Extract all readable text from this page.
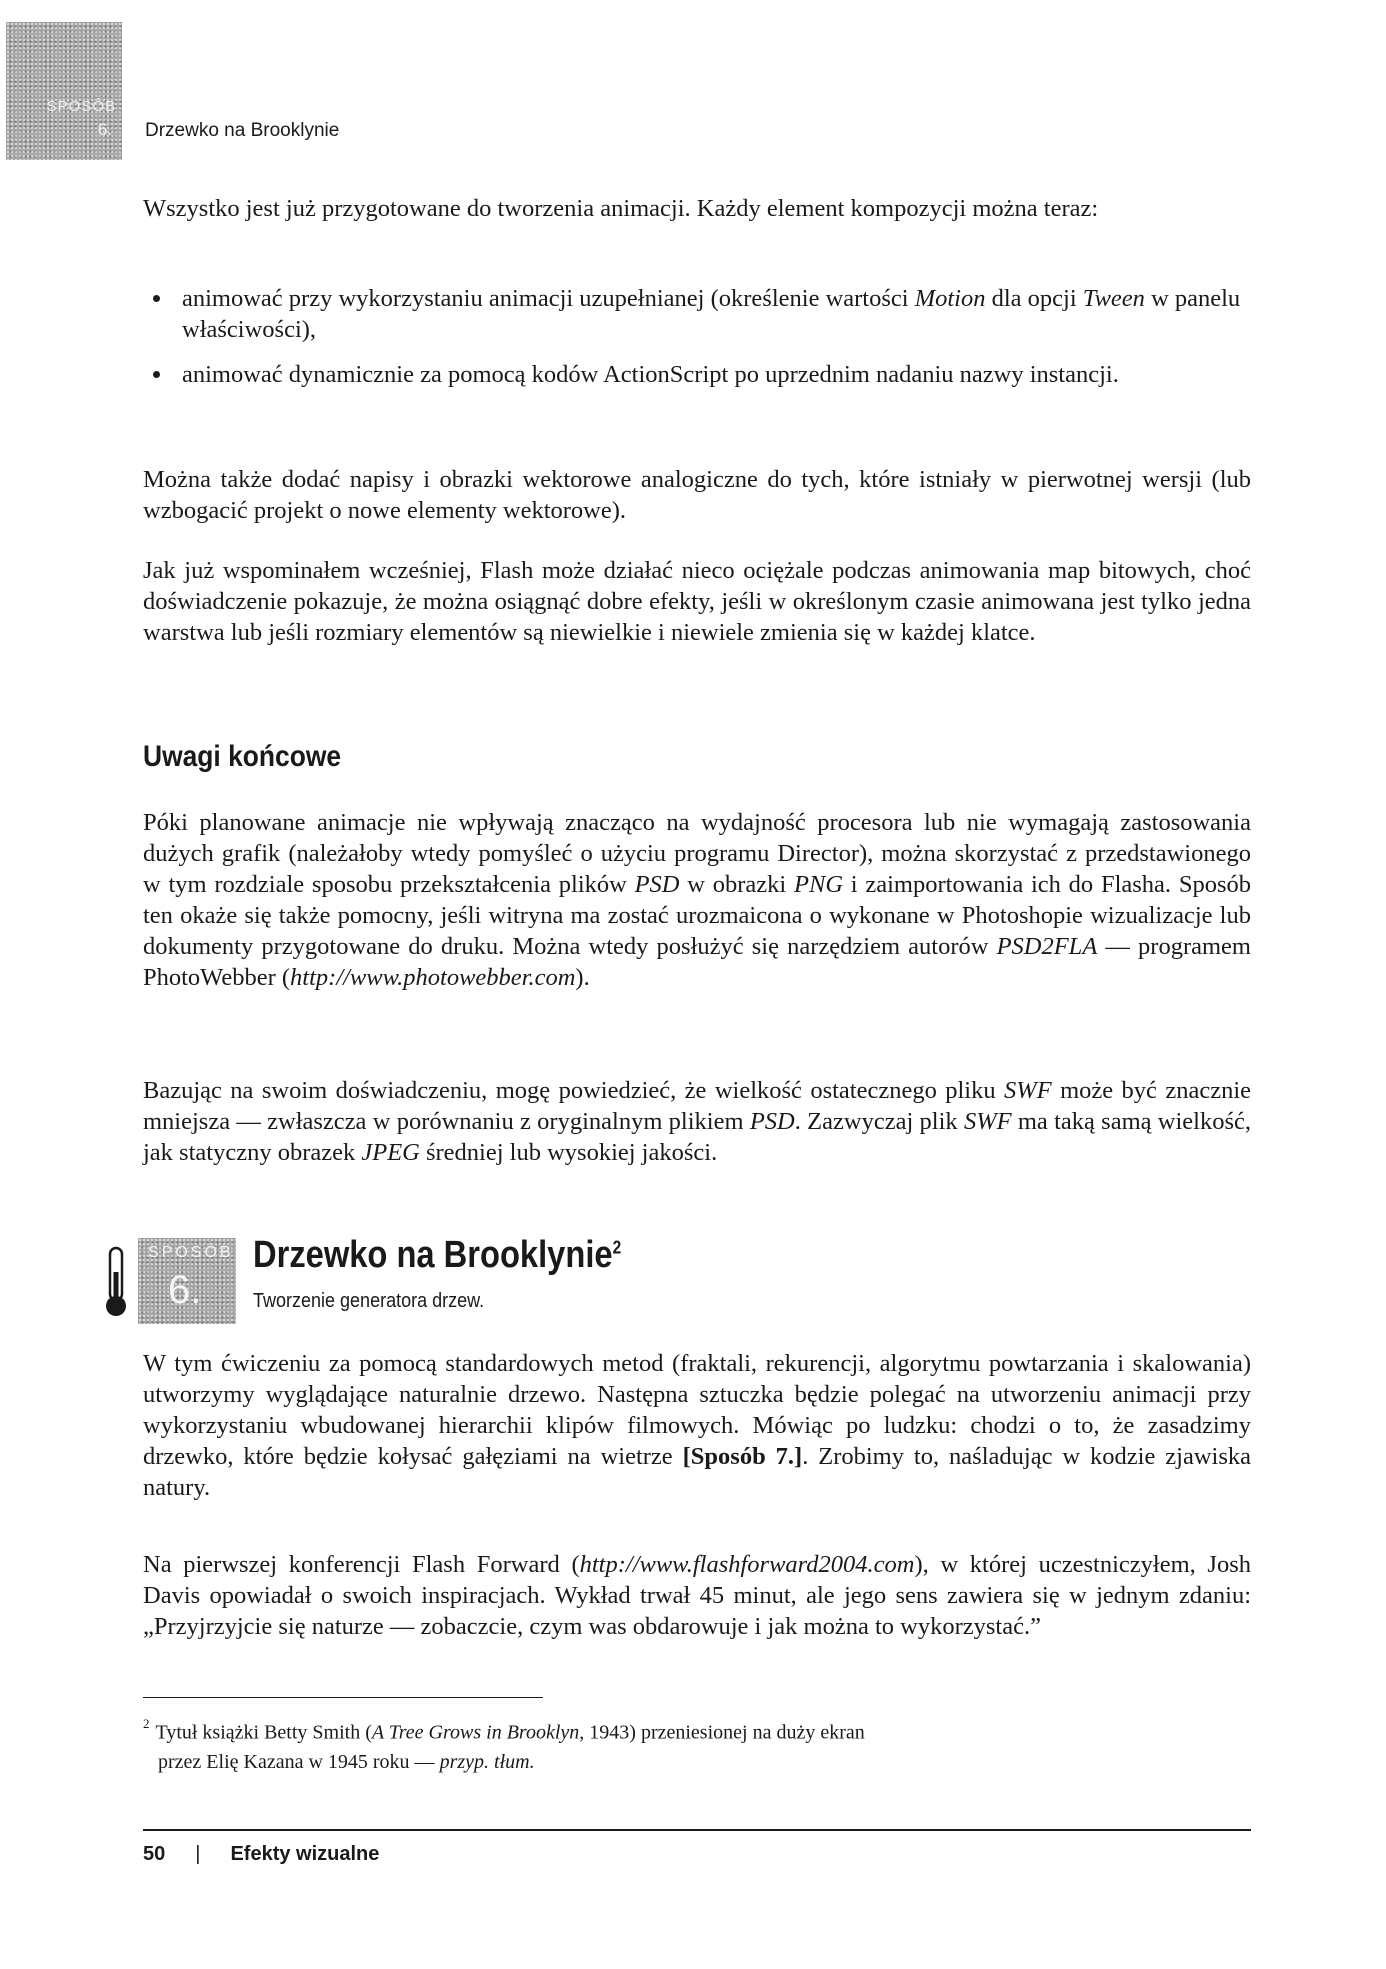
SPOSÓB
6. Drzewko na Brooklynie

Wszystko jest już przygotowane do tworzenia animacji. Każdy element kompozycji można teraz:

animować przy wykorzystaniu animacji uzupełnianej (określenie wartości Motion dla opcji Tween w panelu właściwości),
animować dynamicznie za pomocą kodów ActionScript po uprzednim nadaniu nazwy instancji.

Można także dodać napisy i obrazki wektorowe analogiczne do tych, które istniały w pierwotnej wersji (lub wzbogacić projekt o nowe elementy wektorowe).

Jak już wspominałem wcześniej, Flash może działać nieco ociężale podczas animowania map bitowych, choć doświadczenie pokazuje, że można osiągnąć dobre efekty, jeśli w określonym czasie animowana jest tylko jedna warstwa lub jeśli rozmiary elementów są niewielkie i niewiele zmienia się w każdej klatce.

Uwagi końcowe

Póki planowane animacje nie wpływają znacząco na wydajność procesora lub nie wymagają zastosowania dużych grafik (należałoby wtedy pomyśleć o użyciu programu Director), można skorzystać z przedstawionego w tym rozdziale sposobu przekształcenia plików PSD w obrazki PNG i zaimportowania ich do Flasha. Sposób ten okaże się także pomocny, jeśli witryna ma zostać urozmaicona o wykonane w Photoshopie wizualizacje lub dokumenty przygotowane do druku. Można wtedy posłużyć się narzędziem autorów PSD2FLA — programem PhotoWebber (http://www.photowebber.com).

Bazując na swoim doświadczeniu, mogę powiedzieć, że wielkość ostatecznego pliku SWF może być znacznie mniejsza — zwłaszcza w porównaniu z oryginalnym plikiem PSD. Zazwyczaj plik SWF ma taką samą wielkość, jak statyczny obrazek JPEG średniej lub wysokiej jakości.

SPOSÓB
6.
Drzewko na Brooklynie$^2$
Tworzenie generatora drzew.

W tym ćwiczeniu za pomocą standardowych metod (fraktali, rekurencji, algorytmu powtarzania i skalowania) utworzymy wyglądające naturalnie drzewo. Następna sztuczka będzie polegać na utworzeniu animacji przy wykorzystaniu wbudowanej hierarchii klipów filmowych. Mówiąc po ludzku: chodzi o to, że zasadzimy drzewko, które będzie kołysać gałęziami na wietrze [Sposób 7.]. Zrobimy to, naśladując w kodzie zjawiska natury.

Na pierwszej konferencji Flash Forward (http://www.flashforward2004.com), w której uczestniczyłem, Josh Davis opowiadał o swoich inspiracjach. Wykład trwał 45 minut, ale jego sens zawiera się w jednym zdaniu: „Przyjrzyjcie się naturze — zobaczcie, czym was obdarowuje i jak można to wykorzystać.”

$^2$ Tytuł książki Betty Smith (A Tree Grows in Brooklyn, 1943) przeniesionej na duży ekran
przez Elię Kazana w 1945 roku — przyp. tłum.
50 | Efekty wizualne
